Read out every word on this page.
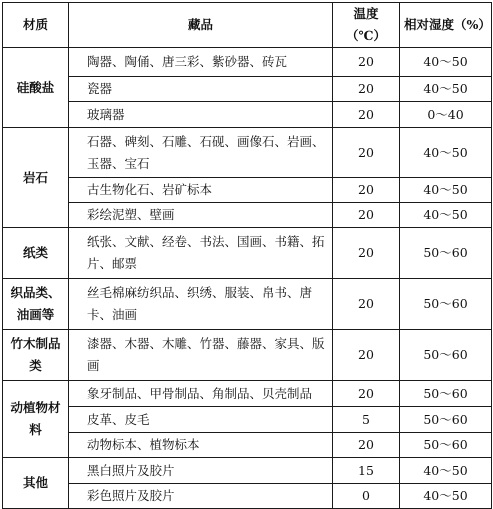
材质	藏品	温度（℃）	相对湿度（%）
硅酸盐	陶器、陶俑、唐三彩、紫砂器、砖瓦	20	40～50
	瓷器	20	40～50
	玻璃器	20	0～40
岩石	石器、碑刻、石雕、石砚、画像石、岩画、玉器、宝石	20	40～50
	古生物化石、岩矿标本	20	40～50
	彩绘泥塑、壁画	20	40～50
纸类	纸张、文献、经卷、书法、国画、书籍、拓片、邮票	20	50～60
织品类、油画等	丝毛棉麻纺织品、织绣、服装、帛书、唐卡、油画	20	50～60
竹木制品类	漆器、木器、木雕、竹器、藤器、家具、版画	20	50～60
动植物材料	象牙制品、甲骨制品、角制品、贝壳制品	20	50～60
	皮革、皮毛	5	50～60
	动物标本、植物标本	20	50～60
其他	黑白照片及胶片	15	40～50
	彩色照片及胶片	0	40～50
